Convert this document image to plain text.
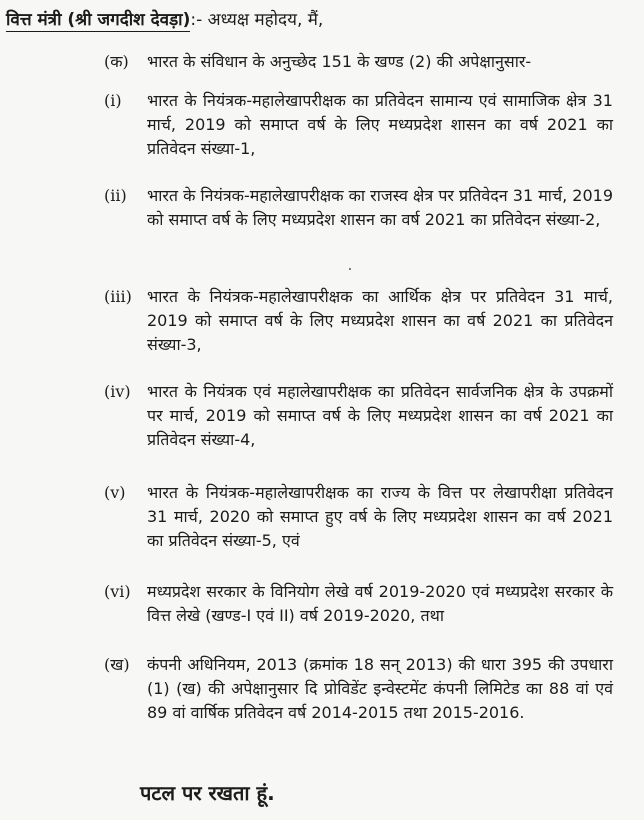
वित्त मंत्री (श्री जगदीश देवड़ा):- अध्यक्ष महोदय, मैं,
(क) भारत के संविधान के अनुच्छेद 151 के खण्ड (2) की अपेक्षानुसार-
(i) भारत के नियंत्रक-महालेखापरीक्षक का प्रतिवेदन सामान्य एवं सामाजिक क्षेत्र 31 मार्च, 2019 को समाप्त वर्ष के लिए मध्यप्रदेश शासन का वर्ष 2021 का प्रतिवेदन संख्या-1,
(ii) भारत के नियंत्रक-महालेखापरीक्षक का राजस्व क्षेत्र पर प्रतिवेदन 31 मार्च, 2019 को समाप्त वर्ष के लिए मध्यप्रदेश शासन का वर्ष 2021 का प्रतिवेदन संख्या-2,
(iii) भारत के नियंत्रक-महालेखापरीक्षक का आर्थिक क्षेत्र पर प्रतिवेदन 31 मार्च, 2019 को समाप्त वर्ष के लिए मध्यप्रदेश शासन का वर्ष 2021 का प्रतिवेदन संख्या-3,
(iv) भारत के नियंत्रक एवं महालेखापरीक्षक का प्रतिवेदन सार्वजनिक क्षेत्र के उपक्रमों पर मार्च, 2019 को समाप्त वर्ष के लिए मध्यप्रदेश शासन का वर्ष 2021 का प्रतिवेदन संख्या-4,
(v) भारत के नियंत्रक-महालेखापरीक्षक का राज्य के वित्त पर लेखापरीक्षा प्रतिवेदन 31 मार्च, 2020 को समाप्त हुए वर्ष के लिए मध्यप्रदेश शासन का वर्ष 2021 का प्रतिवेदन संख्या-5, एवं
(vi) मध्यप्रदेश सरकार के विनियोग लेखे वर्ष 2019-2020 एवं मध्यप्रदेश सरकार के वित्त लेखे (खण्ड-I एवं II) वर्ष 2019-2020, तथा
(ख) कंपनी अधिनियम, 2013 (क्रमांक 18 सन् 2013) की धारा 395 की उपधारा (1) (ख) की अपेक्षानुसार दि प्रोविडेंट इन्वेस्टमेंट कंपनी लिमिटेड का 88 वां एवं 89 वां वार्षिक प्रतिवेदन वर्ष 2014-2015 तथा 2015-2016.
पटल पर रखता हूं.
